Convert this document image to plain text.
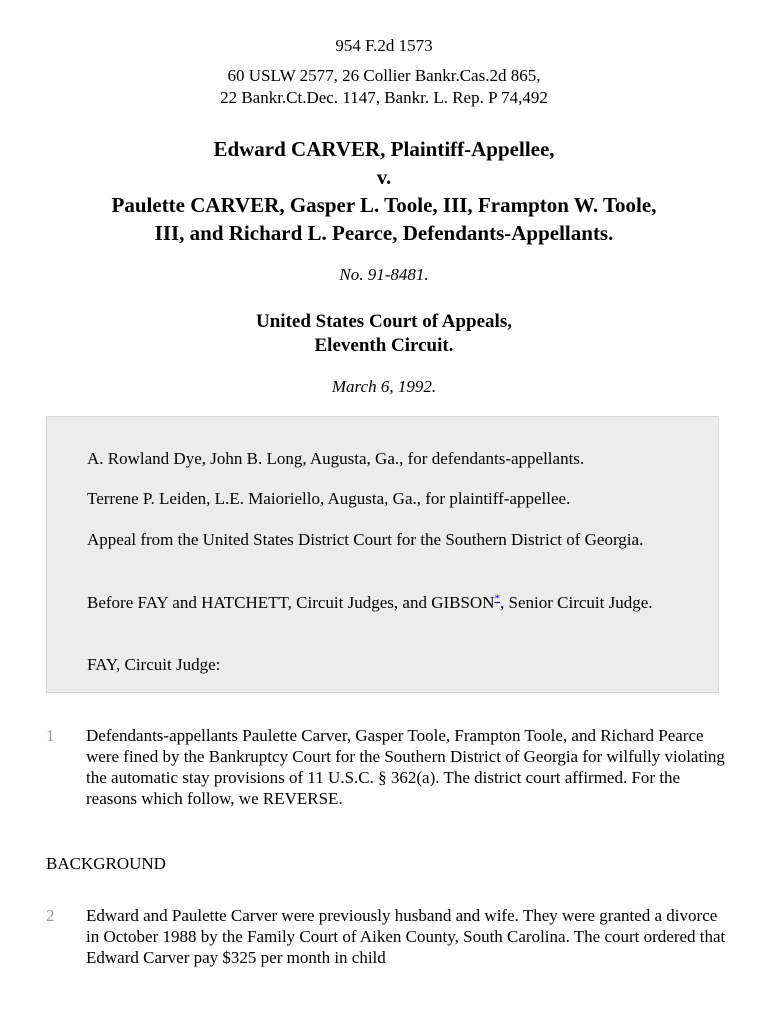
954 F.2d 1573
60 USLW 2577, 26 Collier Bankr.Cas.2d 865,
22 Bankr.Ct.Dec. 1147, Bankr. L. Rep. P 74,492
Edward CARVER, Plaintiff-Appellee,
v.
Paulette CARVER, Gasper L. Toole, III, Frampton W. Toole,
III, and Richard L. Pearce, Defendants-Appellants.
No. 91-8481.
United States Court of Appeals,
Eleventh Circuit.
March 6, 1992.

A. Rowland Dye, John B. Long, Augusta, Ga., for defendants-appellants.

Terrene P. Leiden, L.E. Maioriello, Augusta, Ga., for plaintiff-appellee.

Appeal from the United States District Court for the Southern District of Georgia.

Before FAY and HATCHETT, Circuit Judges, and GIBSON*, Senior Circuit Judge.

FAY, Circuit Judge:

1 Defendants-appellants Paulette Carver, Gasper Toole, Frampton Toole, and Richard Pearce were fined by the Bankruptcy Court for the Southern District of Georgia for wilfully violating the automatic stay provisions of 11 U.S.C. § 362(a). The district court affirmed. For the reasons which follow, we REVERSE.

BACKGROUND

2 Edward and Paulette Carver were previously husband and wife. They were granted a divorce in October 1988 by the Family Court of Aiken County, South Carolina. The court ordered that Edward Carver pay $325 per month in child
